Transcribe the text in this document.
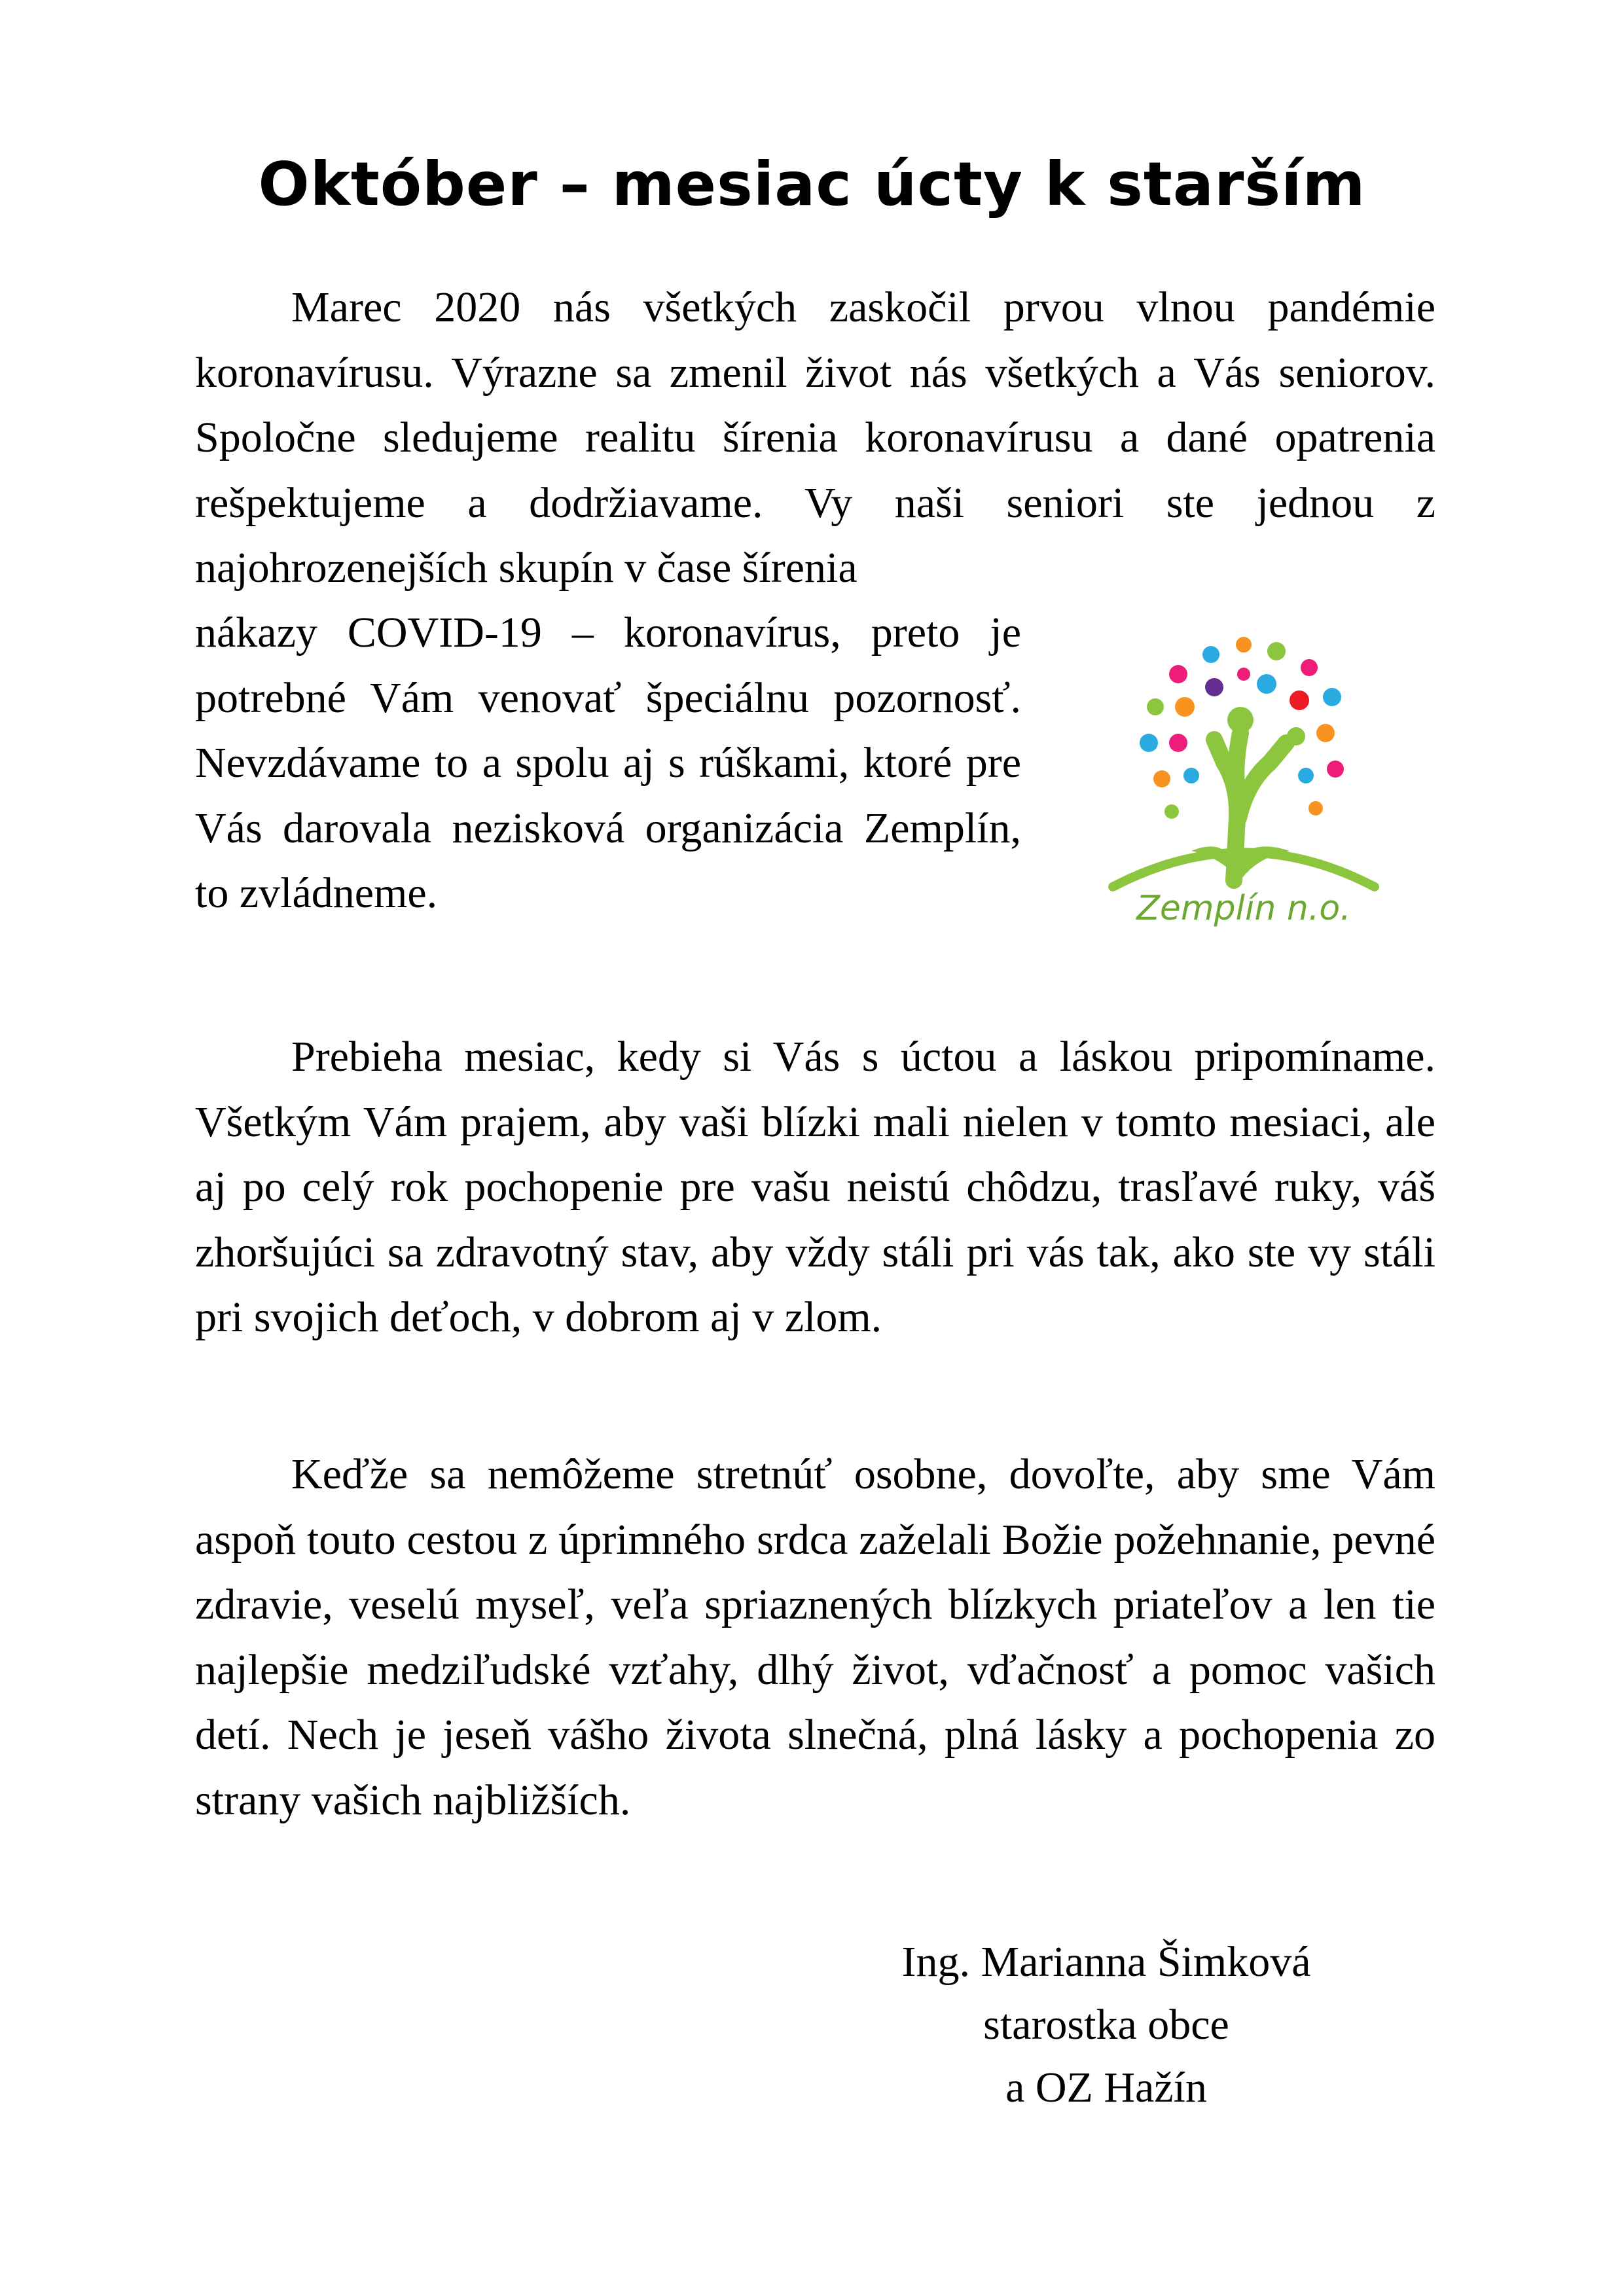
Október – mesiac úcty k starším

Marec 2020 nás všetkých zaskočil prvou vlnou pandémie koronavírusu. Výrazne sa zmenil život nás všetkých a Vás seniorov. Spoločne sledujeme realitu šírenia koronavírusu a dané opatrenia rešpektujeme a dodržiavame. Vy naši seniori ste jednou z najohrozenejších skupín v čase šírenia

nákazy COVID-19 – koronavírus, preto je potrebné Vám venovať špeciálnu pozornosť. Nevzdávame to a spolu aj s rúškami, ktoré pre Vás darovala nezisková organizácia Zemplín, to zvládneme.	Zemplín n.o.

Prebieha mesiac, kedy si Vás s úctou a láskou pripomíname. Všetkým Vám prajem, aby vaši blízki mali nielen v tomto mesiaci, ale aj po celý rok pochopenie pre vašu neistú chôdzu, trasľavé ruky, váš zhoršujúci sa zdravotný stav, aby vždy stáli pri vás tak, ako ste vy stáli pri svojich deťoch, v dobrom aj v zlom.

Keďže sa nemôžeme stretnúť osobne, dovoľte, aby sme Vám aspoň touto cestou z úprimného srdca zaželali Božie požehnanie, pevné zdravie, veselú myseľ, veľa spriaznených blízkych priateľov a len tie najlepšie medziľudské vzťahy, dlhý život, vďačnosť a pomoc vašich detí. Nech je jeseň vášho života slnečná, plná lásky a pochopenia zo strany vašich najbližších.

Ing. Marianna Šimková
starostka obce
a OZ Hažín
